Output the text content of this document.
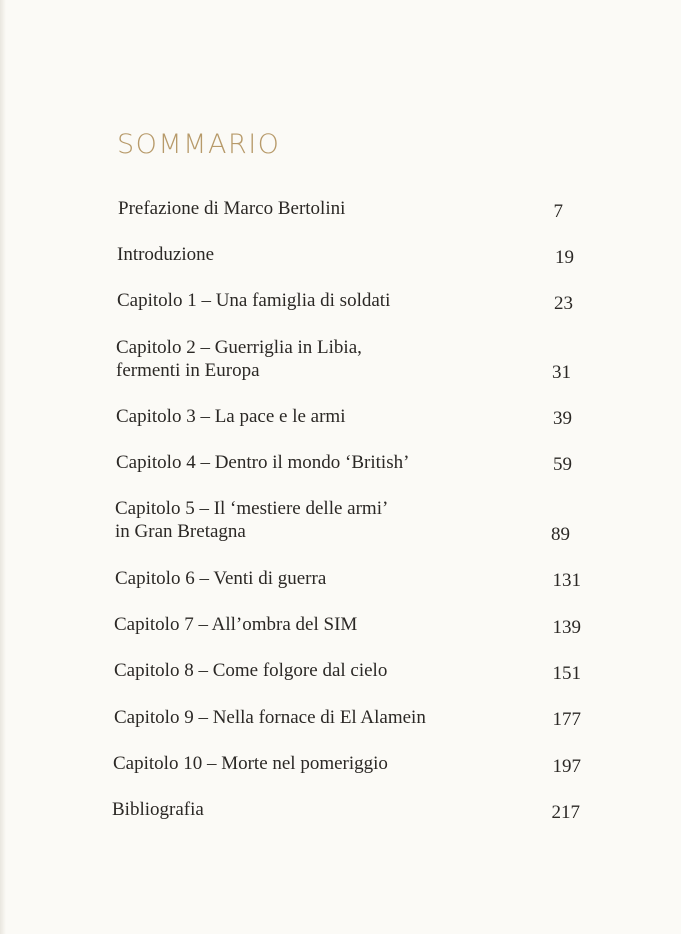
SOMMARIO
Prefazione di Marco Bertolini	7
Introduzione	19
Capitolo 1 – Una famiglia di soldati	23
Capitolo 2 – Guerriglia in Libia,
fermenti in Europa	31
Capitolo 3 – La pace e le armi	39
Capitolo 4 – Dentro il mondo ‘British’	59
Capitolo 5 – Il ‘mestiere delle armi’
in Gran Bretagna	89
Capitolo 6 – Venti di guerra	131
Capitolo 7 – All’ombra del SIM	139
Capitolo 8 – Come folgore dal cielo	151
Capitolo 9 – Nella fornace di El Alamein	177
Capitolo 10 – Morte nel pomeriggio	197
Bibliografia	217
